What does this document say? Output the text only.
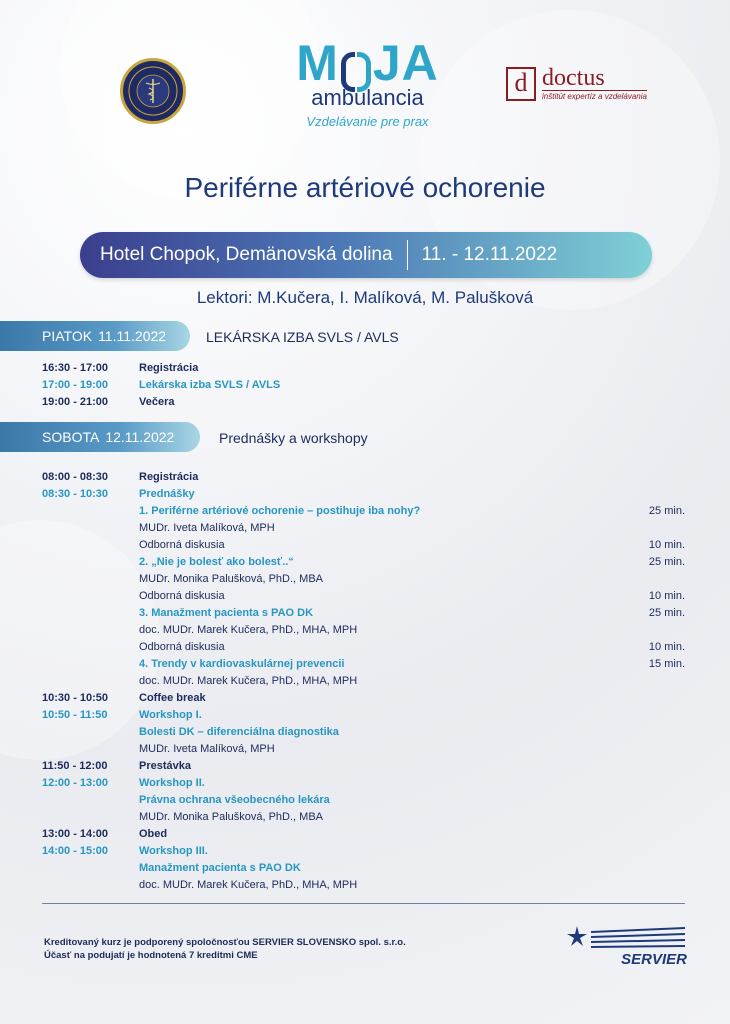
M JA
ambulancia
Vzdelávanie pre prax
d doctus
inštitút expertíz a vzdelávania
Periférne artériové ochorenie
Hotel Chopok, Demänovská dolina 11. - 12.11.2022
Lektori: M.Kučera, I. Malíková, M. Palušková
PIATOK 11.11.2022	LEKÁRSKA IZBA SVLS / AVLS
16:30 - 17:00	Registrácia
17:00 - 19:00	Lekárska izba SVLS / AVLS
19:00 - 21:00	Večera
SOBOTA 12.11.2022	Prednášky a workshopy
08:00 - 08:30	Registrácia
08:30 - 10:30	Prednášky
1. Periférne artériové ochorenie – postihuje iba nohy?	25 min.
MUDr. Iveta Malíková, MPH
Odborná diskusia	10 min.
2. „Nie je bolesť ako bolesť..“	25 min.
MUDr. Monika Palušková, PhD., MBA
Odborná diskusia	10 min.
3. Manažment pacienta s PAO DK	25 min.
doc. MUDr. Marek Kučera, PhD., MHA, MPH
Odborná diskusia	10 min.
4. Trendy v kardiovaskulárnej prevencii	15 min.
doc. MUDr. Marek Kučera, PhD., MHA, MPH
10:30 - 10:50	Coffee break
10:50 - 11:50	Workshop I.
Bolesti DK – diferenciálna diagnostika
MUDr. Iveta Malíková, MPH
11:50 - 12:00	Prestávka
12:00 - 13:00	Workshop II.
Právna ochrana všeobecného lekára
MUDr. Monika Palušková, PhD., MBA
13:00 - 14:00	Obed
14:00 - 15:00	Workshop III.
Manažment pacienta s PAO DK
doc. MUDr. Marek Kučera, PhD., MHA, MPH
Kreditovaný kurz je podporený spoločnosťou SERVIER SLOVENSKO spol. s.r.o.
Účasť na podujatí je hodnotená 7 kreditmi CME	SERVIER
